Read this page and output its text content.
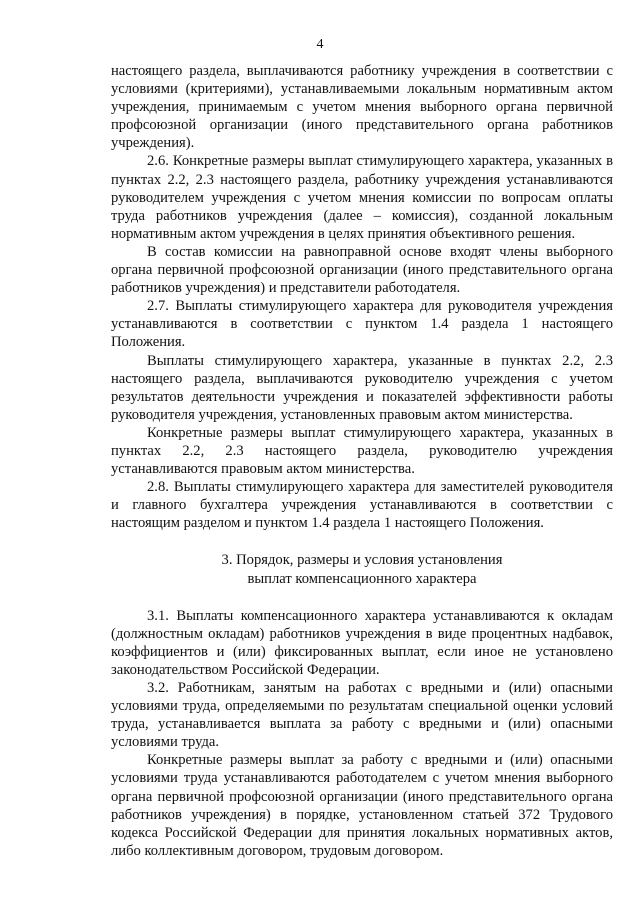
4

настоящего раздела, выплачиваются работнику учреждения в соответствии с условиями (критериями), устанавливаемыми локальным нормативным актом учреждения, принимаемым с учетом мнения выборного органа первичной профсоюзной организации (иного представительного органа работников учреждения).

2.6. Конкретные размеры выплат стимулирующего характера, указанных в пунктах 2.2, 2.3 настоящего раздела, работнику учреждения устанавливаются руководителем учреждения с учетом мнения комиссии по вопросам оплаты труда работников учреждения (далее – комиссия), созданной локальным нормативным актом учреждения в целях принятия объективного решения.

В состав комиссии на равноправной основе входят члены выборного органа первичной профсоюзной организации (иного представительного органа работников учреждения) и представители работодателя.

2.7. Выплаты стимулирующего характера для руководителя учреждения устанавливаются в соответствии с пунктом 1.4 раздела 1 настоящего Положения.

Выплаты стимулирующего характера, указанные в пунктах 2.2, 2.3 настоящего раздела, выплачиваются руководителю учреждения с учетом результатов деятельности учреждения и показателей эффективности работы руководителя учреждения, установленных правовым актом министерства.

Конкретные размеры выплат стимулирующего характера, указанных в пунктах 2.2, 2.3 настоящего раздела, руководителю учреждения устанавливаются правовым актом министерства.

2.8. Выплаты стимулирующего характера для заместителей руководителя и главного бухгалтера учреждения устанавливаются в соответствии с настоящим разделом и пунктом 1.4 раздела 1 настоящего Положения.

3. Порядок, размеры и условия установления

выплат компенсационного характера

3.1. Выплаты компенсационного характера устанавливаются к окладам (должностным окладам) работников учреждения в виде процентных надбавок, коэффициентов и (или) фиксированных выплат, если иное не установлено законодательством Российской Федерации.

3.2. Работникам, занятым на работах с вредными и (или) опасными условиями труда, определяемыми по результатам специальной оценки условий труда, устанавливается выплата за работу с вредными и (или) опасными условиями труда.

Конкретные размеры выплат за работу с вредными и (или) опасными условиями труда устанавливаются работодателем с учетом мнения выборного органа первичной профсоюзной организации (иного представительного органа работников учреждения) в порядке, установленном статьей 372 Трудового кодекса Российской Федерации для принятия локальных нормативных актов, либо коллективным договором, трудовым договором.
